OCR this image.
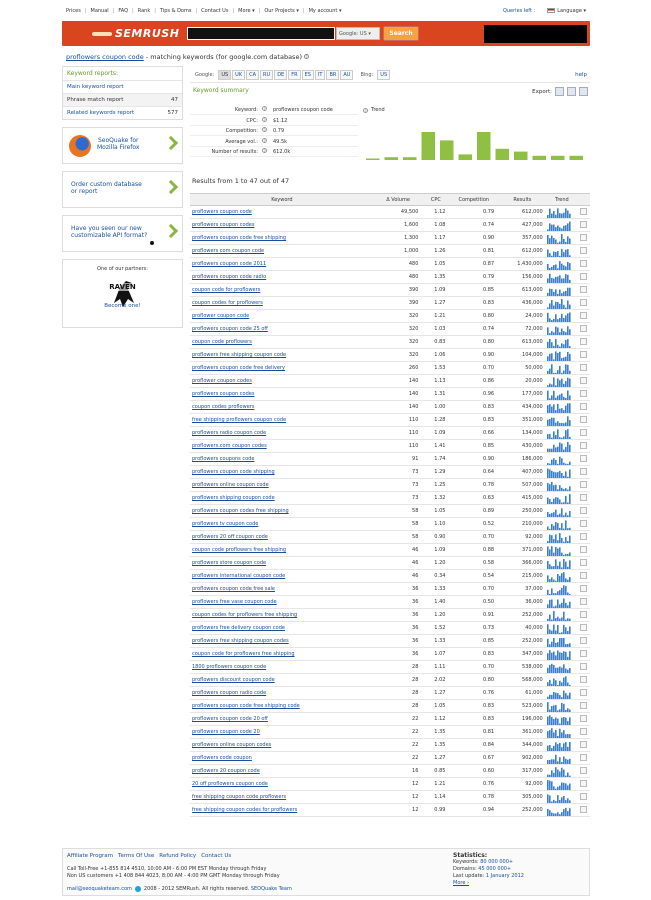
Prices | Manual | FAQ | Rank | Tips & Doms | Contact Us | More ▾ | Our Projects ▾ | My account ▾	Queries left :	Language ▾
SEMRUSH	Google: US ▾	Search
proflowers coupon code - matching keywords (for google.com database) ?
Keyword reports:
Main keyword report
Phrase match report	47
Related keywords report	577
SeoQuake for
Mozilla Firefox
Order custom database
or report
Have you seen our new
customizable API format?
One of our partners:
RAVEN
Become one!
Google:	US	UK	CA	RU	DE	FR	ES	IT	BR	AU	Bing:	US	help
Keyword summary	Export:
Keyword:	? proflowers coupon code
CPC:	? $1.12
Competition:	? 0.79
Average vol.:	? 49.5k
Number of results:	? 612.0k
? Trend
Results from 1 to 47 out of 47
Keyword	Δ Volume	CPC	Competition	Results	Trend	
proflowers coupon code	49,500	1.12	0.79	612,000	

proflowers coupon codes	1,600	1.08	0.74	427,000	

proflowers coupon code free shipping	1,300	1.17	0.90	357,000	

proflowers com coupon code	1,000	1.26	0.81	612,000	

proflowers coupon code 2011	480	1.05	0.87	1,430,000	

proflowers coupon code radio	480	1.35	0.79	156,000	

coupon code for proflowers	390	1.09	0.85	613,000	

coupon codes for proflowers	390	1.27	0.83	436,000	

proflower coupon code	320	1.21	0.80	24,000	

proflowers coupon code 25 off	320	1.03	0.74	72,000	

coupon code proflowers	320	0.83	0.80	613,000	

proflowers free shipping coupon code	320	1.06	0.90	104,000	

proflowers coupon code free delivery	260	1.53	0.70	50,000	

proflower coupon codes	140	1.13	0.86	20,000	

proflowers coupon codes	140	1.31	0.96	177,000	

coupon codes proflowers	140	1.00	0.83	434,000	

free shipping proflowers coupon code	110	1.28	0.83	351,000	

proflowers radio coupon code	110	1.09	0.66	134,000	

proflowers.com coupon codes	110	1.41	0.85	430,000	

proflowers coupons code	91	1.74	0.90	186,000	

proflowers coupon code shipping	73	1.29	0.64	407,000	

proflowers online coupon code	73	1.25	0.78	507,000	

proflowers shipping coupon code	73	1.32	0.63	415,000	

proflowers coupon codes free shipping	58	1.05	0.89	250,000	

proflowers tv coupon code	58	1.10	0.52	210,000	

proflowers 20 off coupon code	58	0.90	0.70	92,000	

coupon code proflowers free shipping	46	1.09	0.88	371,000	

proflowers store coupon code	46	1.20	0.58	366,000	

proflowers international coupon code	46	0.34	0.54	215,000	

proflowers coupon code free sale	36	1.33	0.70	37,000	

proflowers free vase coupon code	36	1.40	0.50	36,000	

coupon codes for proflowers free shipping	36	1.20	0.91	252,000	

proflowers free delivery coupon code	36	1.52	0.73	40,000	

proflowers free shipping coupon codes	36	1.33	0.85	252,000	

coupon code for proflowers free shipping	36	1.07	0.83	347,000	

1800 proflowers coupon code	28	1.11	0.70	538,000	

proflowers discount coupon code	28	2.02	0.80	568,000	

proflowers coupon radio code	28	1.27	0.76	61,000	

proflowers coupon code free shipping code	28	1.05	0.83	523,000	

proflowers coupon code 20 off	22	1.12	0.83	196,000	

proflowers coupon code 20	22	1.35	0.81	361,000	

proflowers online coupon codes	22	1.35	0.84	344,000	

proflowers code coupon	22	1.27	0.67	902,000	

proflowers 20 coupon code	16	0.85	0.60	317,000	

20 off proflowers coupon code	12	1.21	0.76	92,000	

free shipping coupon code proflowers	12	1.14	0.78	305,000	

free shipping coupon codes for proflowers	12	0.99	0.94	252,000	

Affiliate Program Terms Of Use Refund Policy Contact Us
Call Toll-Free +1-855 814 4510, 10:00 AM - 6:00 PM EST Monday through Friday
Non US customers +1 408 844 4023, 8:00 AM - 4:00 PM GMT Monday through Friday
mail@seoquaketeam.com 2008 - 2012 SEMRush. All rights reserved.
SEOQuake Team
Statistics:
Keywords: 80 000 000+
Domains: 45 000 000+
Last update: 1 January 2012
More ›
